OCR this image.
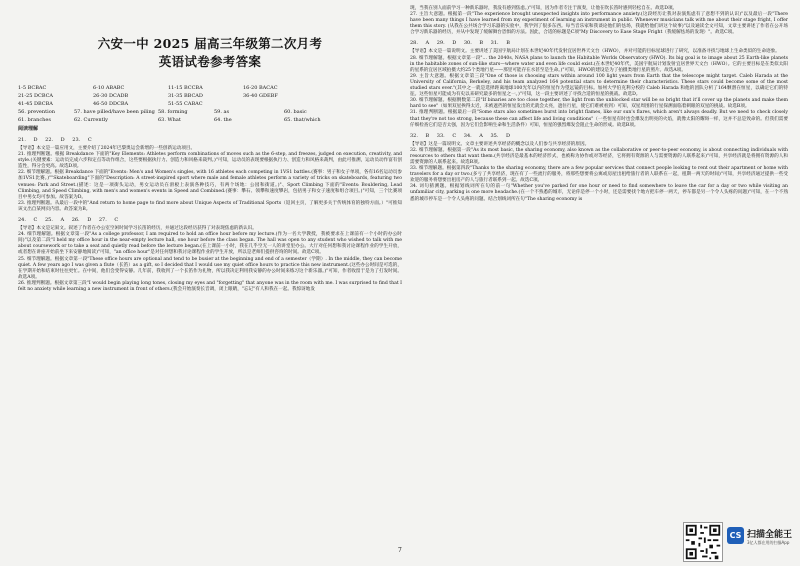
六安一中 2025 届高三年级第二次月考
英语试卷参考答案
1-5 BCBAC	6-10 ABABC	11-15 BCCBA	16-20 BACAC
21-25 DCBCA	26-30 DCADB	31-35 BBCAD	36-40 GDEBF
41-45 DBCBA	46-50 DDCBA	51-55 CABAC
56. prevention	57. have pilled/have been piling 58. forming	59. as	60. basic
61. branches	62. Currently	63. What	64. the	65. that/which
阅读理解
21. D 22. D 23. C

【导语】本文是一篇应用文，主要介绍了2024年巴黎奥运会新增的一些创新运动项目。

21. 推理判断题。根据 Breakdance 下面的"Key Elements: Athletes perform combinations of moves such as the 6-step, and freezes, judged on execution, creativity, and style.(关键要素：运动员完成六步和定点等动作组合，这些要根据执行力、创造力和风格来裁判。)"可知，运动员的表现要根据执行力、创造力和风格来裁判，由此可推测，运动员动作富有创造性，得分会更高。故选D项。

22. 细节理解题。根据 Breakdance 下面的"Events: Men's and Women's singles, with 16 athletes each competing in 1VS1 battles.(赛事：男子和女子单项，各有16名运动员参加1VS1比赛。)""Skateboarding"下面的"Description: A street-inspired sport where male and female athletes perform a variety of tricks on skateboards, featuring two venues: Park and Street.(描述：这是一项街头运动，男女运动员在滑板上表演各种技巧，有两个场地：公园和街道。)"、Sport Climbing 下面的"Events: Bouldering, Lead Climbing, and Speed Climbing, with men's and women's events in Speed and Combined.(赛事：攀石、领攀和速度攀岩，包括男子和女子速度和组合项目。)"可知，三个比赛项目中男女均可参加。故答案为D。

23. 推理判断题。从最后一段中的"And return to home page to find more about Unique Aspects of Traditional Sports（返回主页，了解更多关于传统体育的独特方面。）"可推知该文出自某网页内容。故答案为B。

24. C 25. A 26. D 27. C

【导语】本文是记叙文。叙述了作者在办公室空闲时间学习长笛的经历，并通过这段经历获得了对表现焦虑的新认识。

24. 细节理解题。根据文章第一段"As a college professor, I am required to hold an office hour before my lecture.(作为一名大学教授，我被要求在上课前有一个小时的办公时间)"以及第二段"I held my office hour in the near-empty lecture hall, one hour before the class began. The hall was open to any student who wished to talk with me about coursework or to take a seat and quietly read before the lecture began.(在上课前一小时，我在几乎空无一人的讲堂里办公。大厅对任何想和我讨论课程作业的学生开放，或者想在讲座开始前坐下来安静地阅读)"可知，"an office hour"是对任何想和我讨论课程作业的学生开放，所以是老师们提供咨询的时间。故选C项。

25. 细节理解题。根据文章第一段"These office hours are optional and tend to be busier at the beginning and end of a semester（学期）. In the middle, they can become quiet. A few years ago I was given a flute（长笛）as a gift, so I decided that I would use my quiet office hours to practice this new instrument.(这些办公时间是可选的，在学期开始和结束时往往更忙。在中间，他们会变得安静。几年前，我收到了一个长笛作为礼物，所以我决定利用我安静的办公时间来练习这个新乐器。)"可知，作者收留于是为了打发时间。故选A项。

26. 推理判断题。根据文章第三段"I would begin playing long tones, closing my eyes and "forgetting" that anyone was in the room with me. I was surprised to find that I felt no anxiety while learning a new instrument in front of others.(我会开始演奏长音调，闭上眼睛，"忘记"有人和我在一起。我惊讶地发

现，当我在别人面前学习一种新乐器时，我没有感到焦虑。)"可知，因为作者专注于演奏，让他在吹长笛时感到轻松自在。故选D项。

27. 主旨大意题。根据第一段"The experience brought unexpected insights into performance anxiety.(这段经历让我对表演焦虑有了意想不到的认识)"以及最后一段"There have been many things I have learned from my experiment of learning an instrument in public. Whenever musicians talk with me about their stage fright, I offer them this story. (从我在公共场合学习乐器的实验中，我学到了很多东西。每当音乐家和我谈论他们的怯场，我就给他们讲这个故事)"以及通读全文可知，文章主要讲述了作者在公开场合学习新乐器的经历，并从中发现了缓解舞台恐惧的方法。因此，合适的标题是C项"My Discovery to Ease Stage Fright（我缓解怯场的发现）"。故选C项。

28. A 29. D 30. B 31. B

【导语】本文是一篇说明文。主要讲述了美国宇航局计划在本世纪40年代发射宜居世界天文台（HWO），并对可能的目标星球进行了研究，以准备寻找与地球上生命类似的生命迹象。

28. 细节理解题。根据文章第一段"... the 2040s, NASA plans to launch the Habitable Worlds Observatory (HWO). Its big goal is to image about 25 Earth-like planets in the habitable zones of sun-like stars—where water and even life could exist.(在本世纪40年代，美国宇航局计划发射宜居世界天文台（HWO）。它的主要目标是在类似太阳的星系的宜居区域拍摄大约25个类地行星——那里可能存在水甚至是生命。)"可知，HWO的建设是为了拍摄类地行星的照片。故选A项。

29. 主旨大意题。根据文章第三段"One of those is choosing stars within around 100 light years from Earth that the telescope might target. Caleb Harada at the University of California, Berkeley, and his team analyzed 164 potential stars to determine their characteristics. These stars could become some of the most studied stars ever."(其中之一就是选择距离地球100光年以内的恒星作为望远镜的目标。加州大学伯克利分校的 Caleb Harada 和他的团队分析了164颗潜在恒星，以确定它们的特征。这些恒星可能成为有史以来研究最多的恒星之一。)"可知，这一段主要讲述了寻找合适的恒星的挑战。故选D。

30. 细节理解题。根据倒数第二段"If binaries are too close together, the light from the unblocked star will be so bright that it'll cover up the planets and make them hard to see"（如果双星挨得太近，未被遮挡的恒星发出的光就会太亮，遮住行星，使它们难被看到）可知，双星周围的行星探测面临着刺眼的双星的挑战。故选B项。

31. 推理判断题。根据最后一段"Some stars also sometimes burst into bright flames, like our sun's flares, which aren't always deadly. But we need to check closely that they're not too strong, because these can affect life and living conditions"（一些恒星有时也会爆发出明亮的火焰，就像太阳的耀斑一样，这并不总是致命的。但我们需要仔细检查它们是否太强，因为它们会影响生命和生活条件）可知，恒星的强烈爆发会阻止生命的形成。故选B项。

32. B 33. C 34. A 35. D

【导语】这是一篇说明文。文章主要讲述共享经济的概念以及人们参与共享经济的原因。

32. 细节理解题。根据第一段"As its most basic, the sharing economy, also known as the collaborative or peer-to-peer economy, is about connecting individuals with resources to others that want them.(共享经济是最基本的经济形式，也被称为协作或对等经济，它将拥有资源的人与需要资源的人联系起来)"可知，共享经济就是将拥有资源的人和需要资源的人联系起来。故选B项。

33. 细节理解题。根据第四段"Thanks to the sharing economy, there are a few popular services that connect people looking to rent out their apartment or home with travelers for a day or two.(多亏了共享经济，现在有了一些流行的服务，将那些想要将公寓或房屋出租给旅行者的人联系在一起，租期一两天的时间)"可知，共享经济通过提供一些受欢迎的服务将想要出租房产的人与旅行者联系到一起。故选C项。

34. 词句猜测题。根据划线词所在句的前一句"Whether you've parked for one hour or need to find somewhere to leave the car for a day or two while visiting an unfamiliar city, parking is one more headache.(在一个不熟悉的城市，无论你是停一个小时，还是需要找个地方把车停一两天，停车都是另一个令人头疼的问题)"可知，在一个不熟悉的城市停车是一个令人头疼的问题。结合划线词所在句"The sharing economy is

7
CS 扫描全能王
3亿人都在用的扫描App
